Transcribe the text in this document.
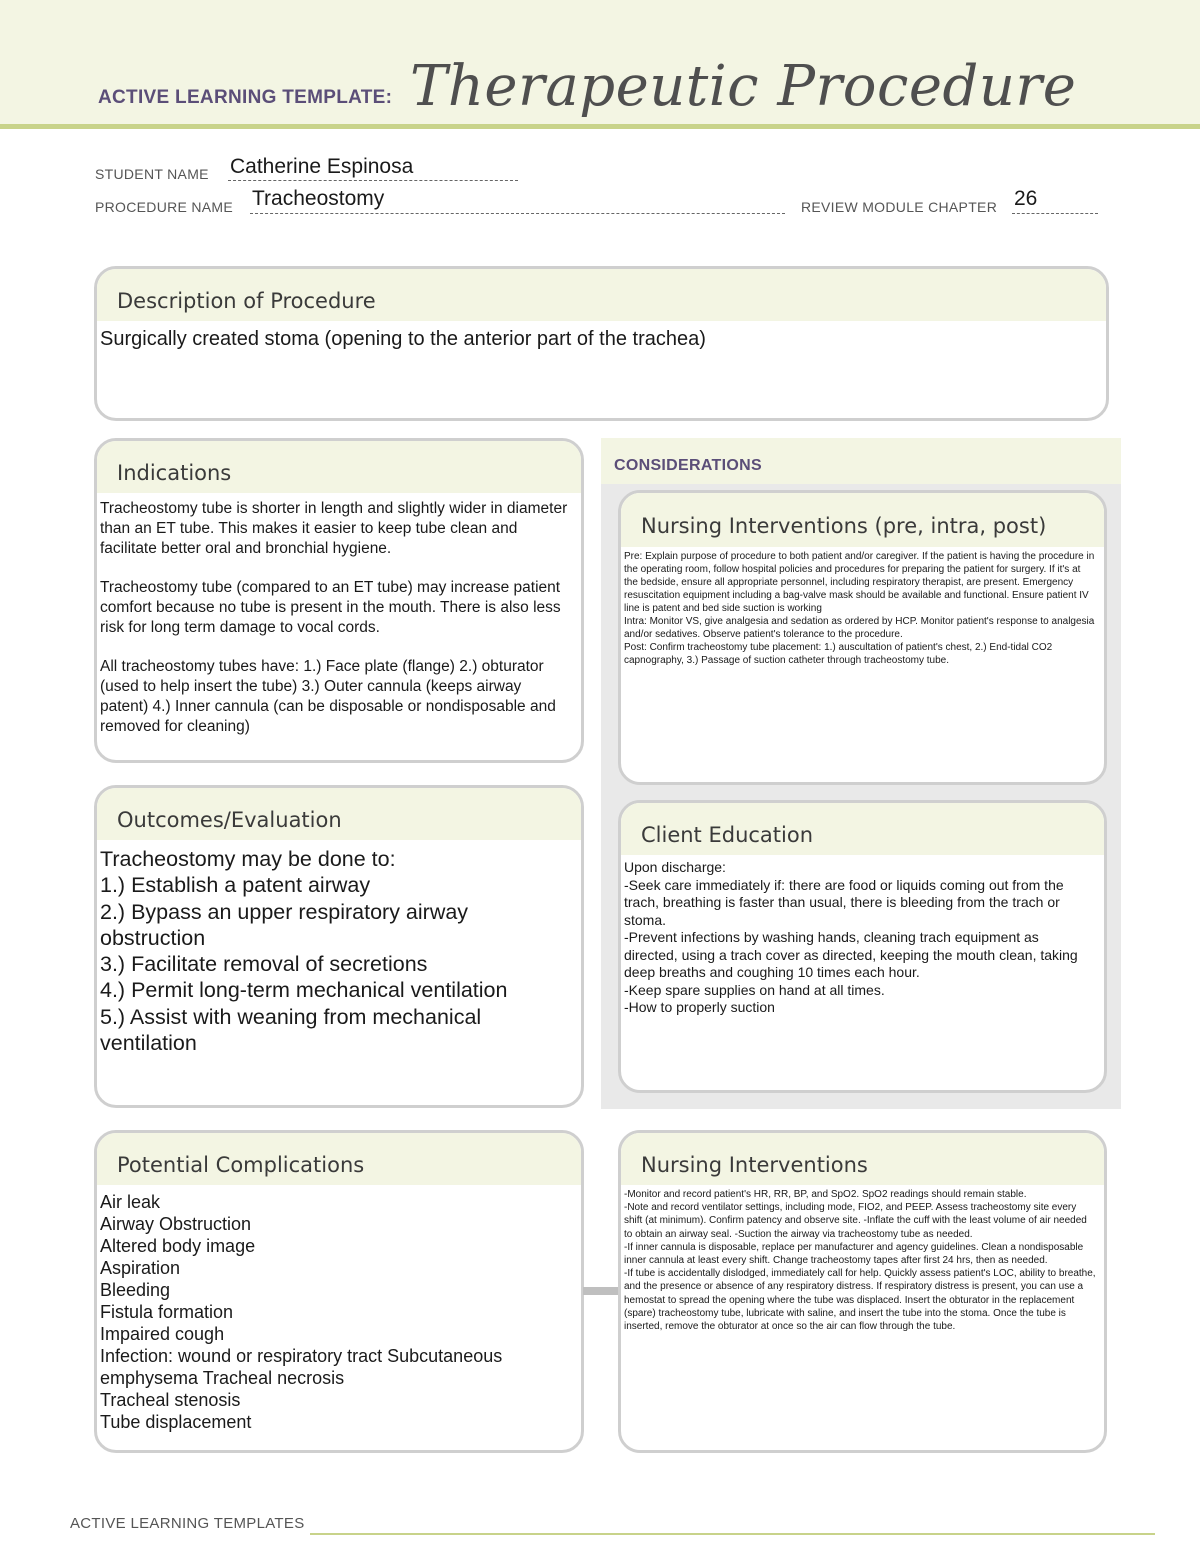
ACTIVE LEARNING TEMPLATE: Therapeutic Procedure
STUDENT NAME Catherine Espinosa
PROCEDURE NAME Tracheostomy	REVIEW MODULE CHAPTER 26
Description of Procedure
Surgically created stoma (opening to the anterior part of the trachea)
CONSIDERATIONS
Indications
Tracheostomy tube is shorter in length and slightly wider in diameter than an ET tube. This makes it easier to keep tube clean and facilitate better oral and bronchial hygiene.

Tracheostomy tube (compared to an ET tube) may increase patient comfort because no tube is present in the mouth. There is also less risk for long term damage to vocal cords.

All tracheostomy tubes have: 1.) Face plate (flange) 2.) obturator (used to help insert the tube) 3.) Outer cannula (keeps airway patent) 4.) Inner cannula (can be disposable or nondisposable and removed for cleaning)
Nursing Interventions (pre, intra, post)
Pre: Explain purpose of procedure to both patient and/or caregiver. If the patient is having the procedure in the operating room, follow hospital policies and procedures for preparing the patient for surgery. If it's at the bedside, ensure all appropriate personnel, including respiratory therapist, are present. Emergency resuscitation equipment including a bag-valve mask should be available and functional. Ensure patient IV line is patent and bed side suction is working
Intra: Monitor VS, give analgesia and sedation as ordered by HCP. Monitor patient's response to analgesia and/or sedatives. Observe patient's tolerance to the procedure.
Post: Confirm tracheostomy tube placement: 1.) auscultation of patient's chest, 2.) End-tidal CO2 capnography, 3.) Passage of suction catheter through tracheostomy tube.
Outcomes/Evaluation
Tracheostomy may be done to:
1.) Establish a patent airway
2.) Bypass an upper respiratory airway obstruction
3.) Facilitate removal of secretions
4.) Permit long-term mechanical ventilation
5.) Assist with weaning from mechanical ventilation
Client Education
Upon discharge:
-Seek care immediately if: there are food or liquids coming out from the trach, breathing is faster than usual, there is bleeding from the trach or stoma.
-Prevent infections by washing hands, cleaning trach equipment as directed, using a trach cover as directed, keeping the mouth clean, taking deep breaths and coughing 10 times each hour.
-Keep spare supplies on hand at all times.
-How to properly suction
Potential Complications
Air leak
Airway Obstruction
Altered body image
Aspiration
Bleeding
Fistula formation
Impaired cough
Infection: wound or respiratory tract Subcutaneous emphysema Tracheal necrosis
Tracheal stenosis
Tube displacement
Nursing Interventions
-Monitor and record patient's HR, RR, BP, and SpO2. SpO2 readings should remain stable.
-Note and record ventilator settings, including mode, FIO2, and PEEP. Assess tracheostomy site every shift (at minimum). Confirm patency and observe site. -Inflate the cuff with the least volume of air needed to obtain an airway seal. -Suction the airway via tracheostomy tube as needed.
-If inner cannula is disposable, replace per manufacturer and agency guidelines. Clean a nondisposable inner cannula at least every shift. Change tracheostomy tapes after first 24 hrs, then as needed.
-If tube is accidentally dislodged, immediately call for help. Quickly assess patient's LOC, ability to breathe, and the presence or absence of any respiratory distress. If respiratory distress is present, you can use a hemostat to spread the opening where the tube was displaced. Insert the obturator in the replacement (spare) tracheostomy tube, lubricate with saline, and insert the tube into the stoma. Once the tube is inserted, remove the obturator at once so the air can flow through the tube.
ACTIVE LEARNING TEMPLATES
